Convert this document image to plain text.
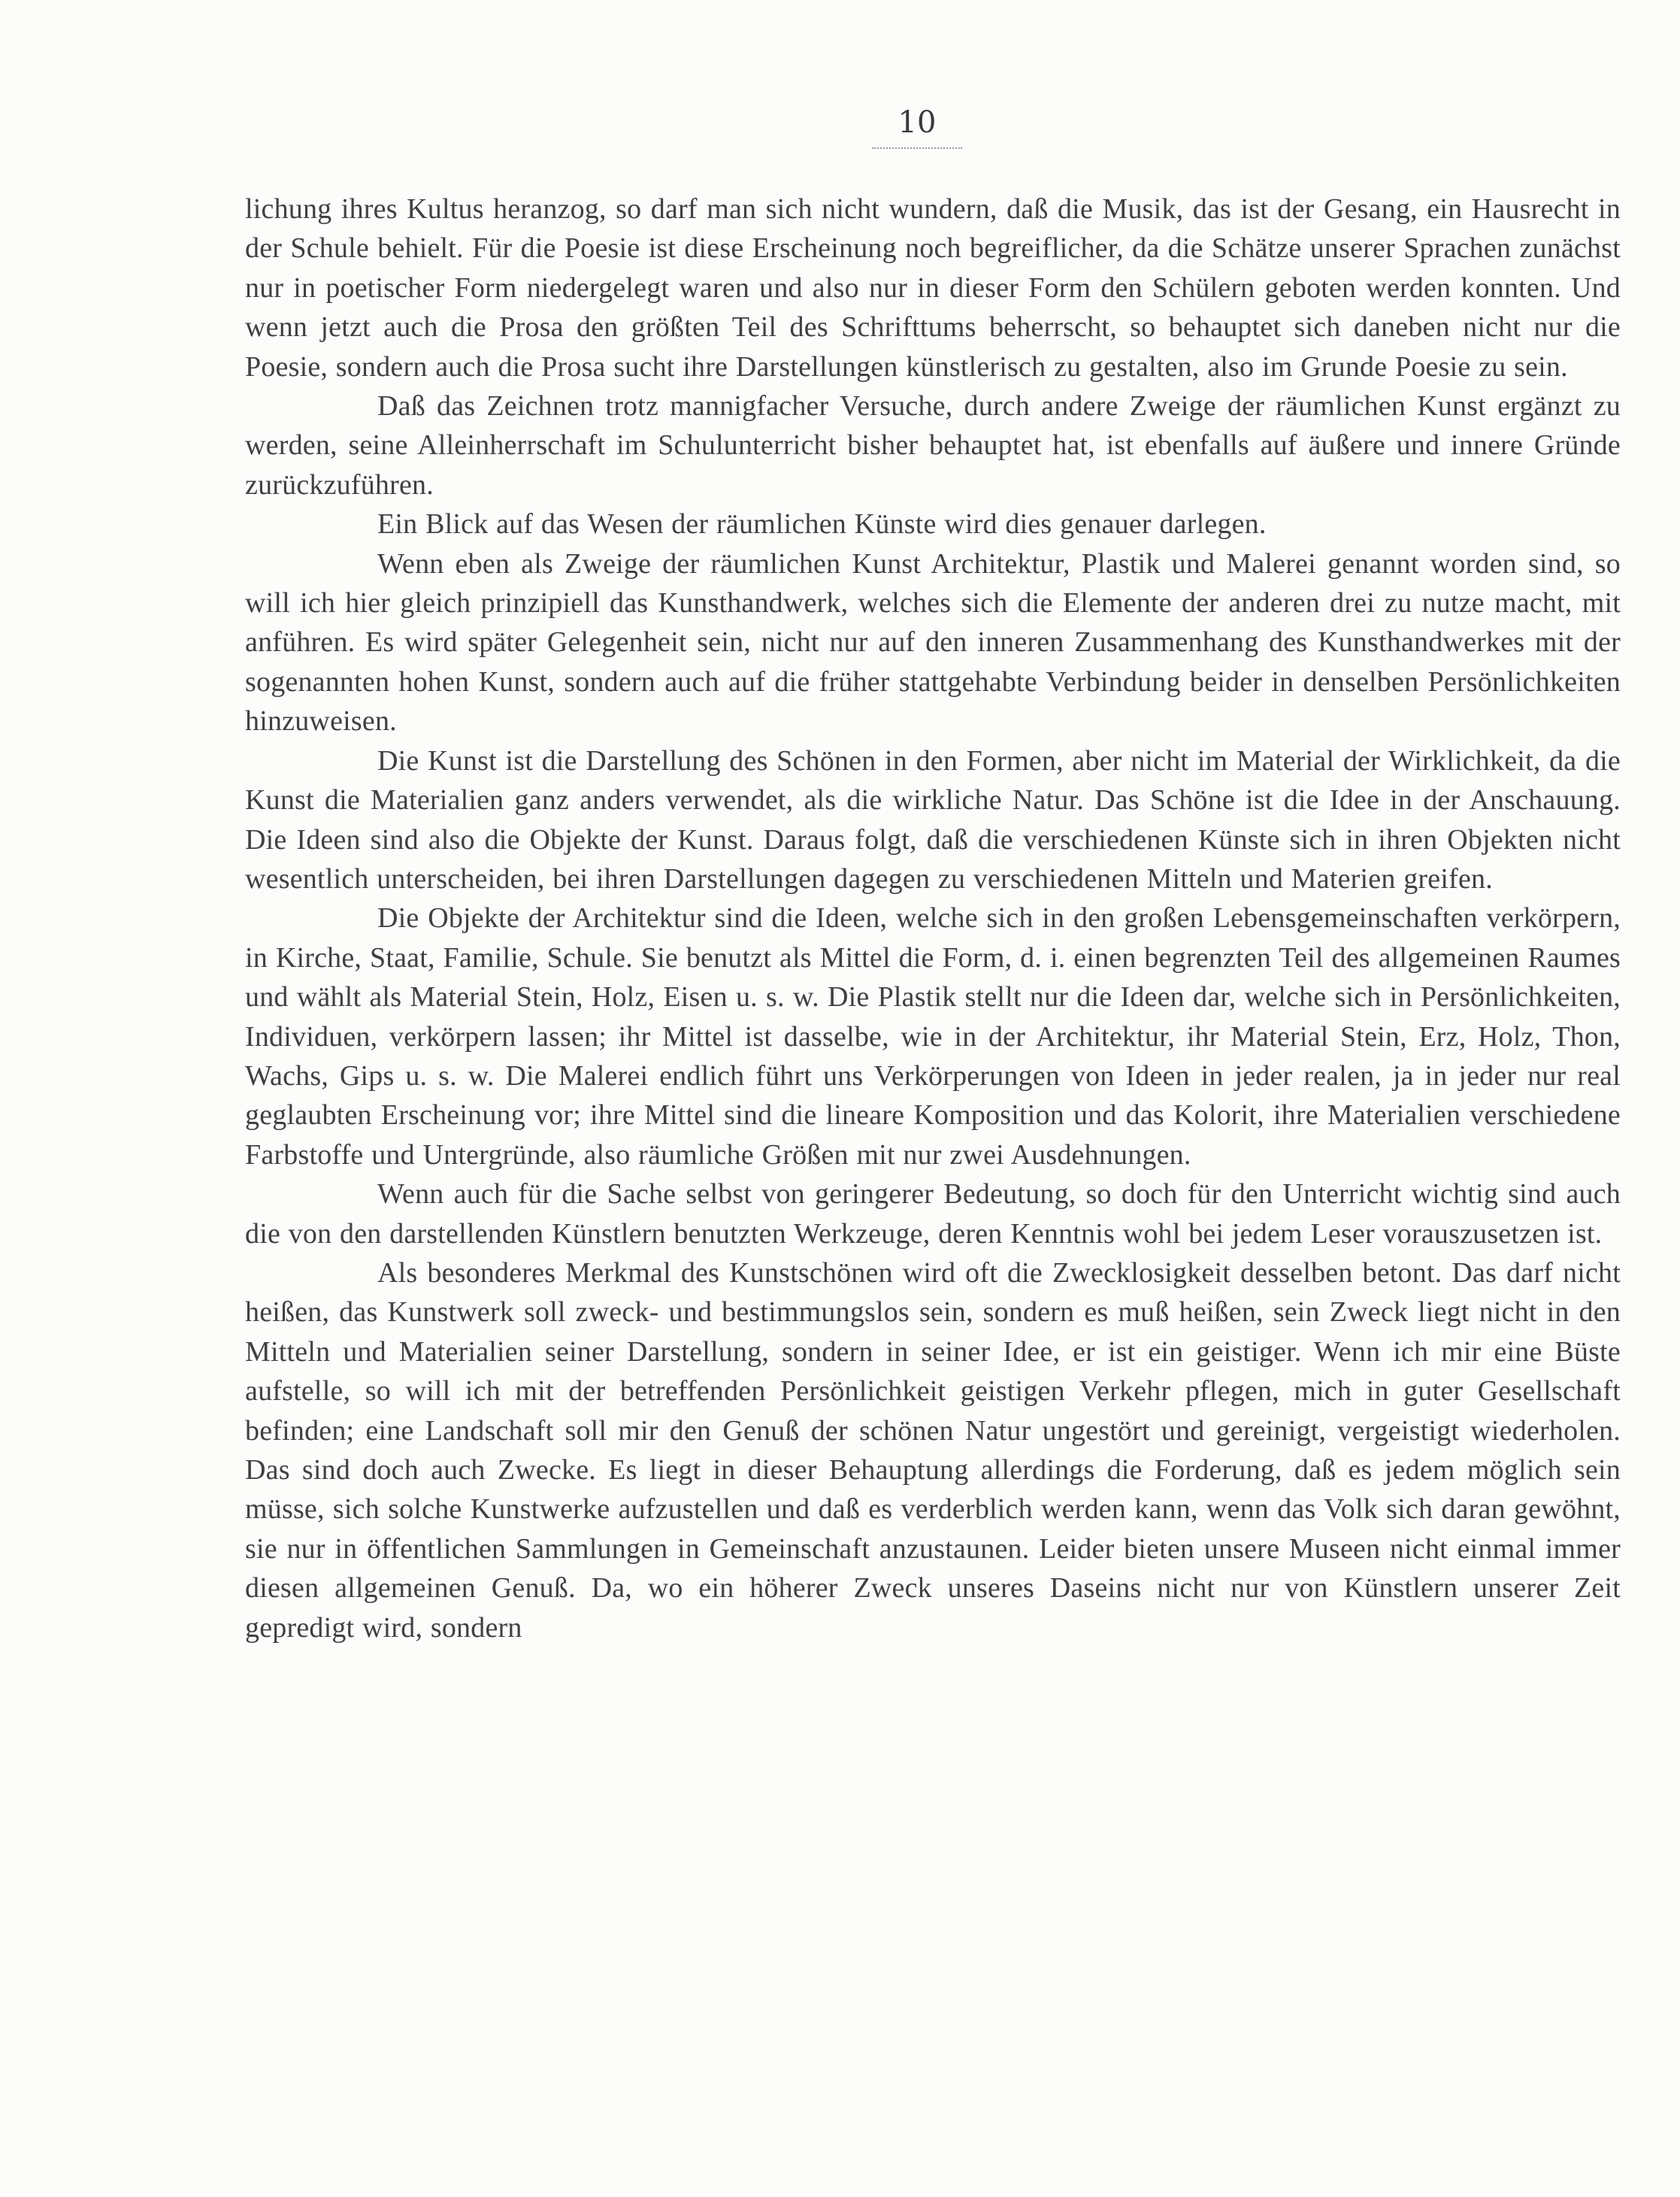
10

lichung ihres Kultus heranzog, so darf man sich nicht wundern, daß die Musik, das ist der Gesang, ein Hausrecht in der Schule behielt. Für die Poesie ist diese Erscheinung noch begreiflicher, da die Schätze unserer Sprachen zunächst nur in poetischer Form niedergelegt waren und also nur in dieser Form den Schülern geboten werden konnten. Und wenn jetzt auch die Prosa den größten Teil des Schrifttums beherrscht, so behauptet sich daneben nicht nur die Poesie, sondern auch die Prosa sucht ihre Darstellungen künstlerisch zu gestalten, also im Grunde Poesie zu sein.

Daß das Zeichnen trotz mannigfacher Versuche, durch andere Zweige der räumlichen Kunst ergänzt zu werden, seine Alleinherrschaft im Schulunterricht bisher behauptet hat, ist ebenfalls auf äußere und innere Gründe zurückzuführen.

Ein Blick auf das Wesen der räumlichen Künste wird dies genauer darlegen.

Wenn eben als Zweige der räumlichen Kunst Architektur, Plastik und Malerei genannt worden sind, so will ich hier gleich prinzipiell das Kunsthandwerk, welches sich die Elemente der anderen drei zu nutze macht, mit anführen. Es wird später Gelegenheit sein, nicht nur auf den inneren Zusammenhang des Kunsthandwerkes mit der sogenannten hohen Kunst, sondern auch auf die früher stattgehabte Verbindung beider in denselben Persönlichkeiten hinzuweisen.

Die Kunst ist die Darstellung des Schönen in den Formen, aber nicht im Material der Wirklichkeit, da die Kunst die Materialien ganz anders verwendet, als die wirkliche Natur. Das Schöne ist die Idee in der Anschauung. Die Ideen sind also die Objekte der Kunst. Daraus folgt, daß die verschiedenen Künste sich in ihren Objekten nicht wesentlich unterscheiden, bei ihren Darstellungen dagegen zu verschiedenen Mitteln und Materien greifen.

Die Objekte der Architektur sind die Ideen, welche sich in den großen Lebensgemeinschaften verkörpern, in Kirche, Staat, Familie, Schule. Sie benutzt als Mittel die Form, d. i. einen begrenzten Teil des allgemeinen Raumes und wählt als Material Stein, Holz, Eisen u. s. w. Die Plastik stellt nur die Ideen dar, welche sich in Persönlichkeiten, Individuen, verkörpern lassen; ihr Mittel ist dasselbe, wie in der Architektur, ihr Material Stein, Erz, Holz, Thon, Wachs, Gips u. s. w. Die Malerei endlich führt uns Verkörperungen von Ideen in jeder realen, ja in jeder nur real geglaubten Erscheinung vor; ihre Mittel sind die lineare Komposition und das Kolorit, ihre Materialien verschiedene Farbstoffe und Untergründe, also räumliche Größen mit nur zwei Ausdehnungen.

Wenn auch für die Sache selbst von geringerer Bedeutung, so doch für den Unterricht wichtig sind auch die von den darstellenden Künstlern benutzten Werkzeuge, deren Kenntnis wohl bei jedem Leser vorauszusetzen ist.

Als besonderes Merkmal des Kunstschönen wird oft die Zwecklosigkeit desselben betont. Das darf nicht heißen, das Kunstwerk soll zweck- und bestimmungslos sein, sondern es muß heißen, sein Zweck liegt nicht in den Mitteln und Materialien seiner Darstellung, sondern in seiner Idee, er ist ein geistiger. Wenn ich mir eine Büste aufstelle, so will ich mit der betreffenden Persönlichkeit geistigen Verkehr pflegen, mich in guter Gesellschaft befinden; eine Landschaft soll mir den Genuß der schönen Natur ungestört und gereinigt, vergeistigt wiederholen. Das sind doch auch Zwecke. Es liegt in dieser Behauptung allerdings die Forderung, daß es jedem möglich sein müsse, sich solche Kunstwerke aufzustellen und daß es verderblich werden kann, wenn das Volk sich daran gewöhnt, sie nur in öffentlichen Sammlungen in Gemeinschaft anzustaunen. Leider bieten unsere Museen nicht einmal immer diesen allgemeinen Genuß. Da, wo ein höherer Zweck unseres Daseins nicht nur von Künstlern unserer Zeit gepredigt wird, sondern
